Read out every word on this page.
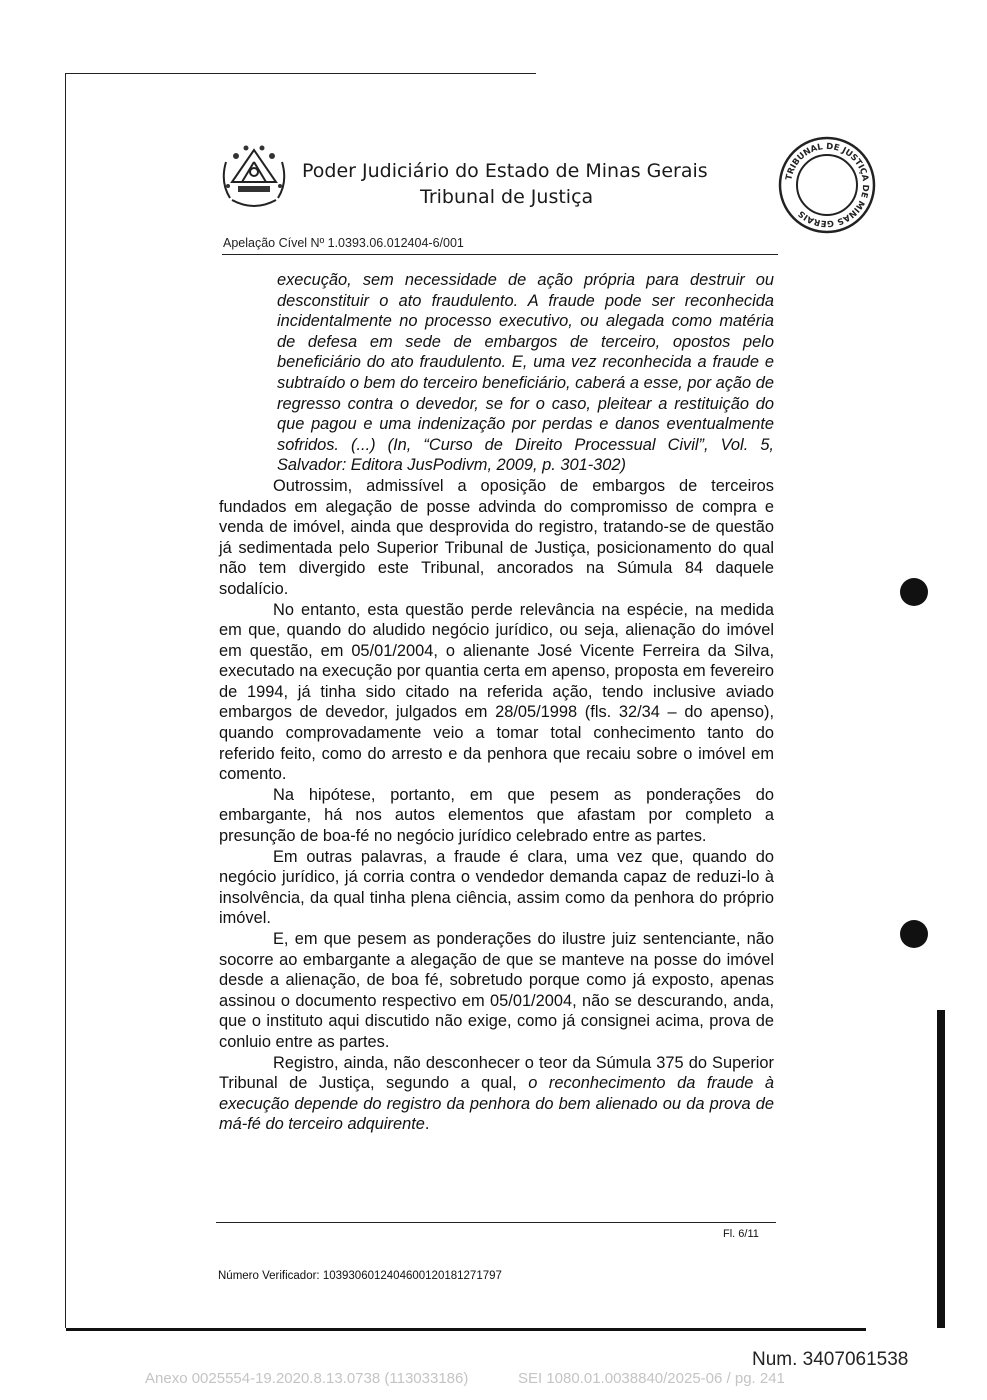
Poder Judiciário do Estado de Minas Gerais
Tribunal de Justiça
TRIBUNAL DE JUSTIÇA DE MINAS GERAIS
Apelação Cível Nº 1.0393.06.012404-6/001

execução, sem necessidade de ação própria para destruir ou desconstituir o ato fraudulento. A fraude pode ser reconhecida incidentalmente no processo executivo, ou alegada como matéria de defesa em sede de embargos de terceiro, opostos pelo beneficiário do ato fraudulento. E, uma vez reconhecida a fraude e subtraído o bem do terceiro beneficiário, caberá a esse, por ação de regresso contra o devedor, se for o caso, pleitear a restituição do que pagou e uma indenização por perdas e danos eventualmente sofridos. (...) (In, “Curso de Direito Processual Civil”, Vol. 5, Salvador: Editora JusPodivm, 2009, p. 301-302)

Outrossim, admissível a oposição de embargos de terceiros fundados em alegação de posse advinda do compromisso de compra e venda de imóvel, ainda que desprovida do registro, tratando-se de questão já sedimentada pelo Superior Tribunal de Justiça, posicionamento do qual não tem divergido este Tribunal, ancorados na Súmula 84 daquele sodalício.

No entanto, esta questão perde relevância na espécie, na medida em que, quando do aludido negócio jurídico, ou seja, alienação do imóvel em questão, em 05/01/2004, o alienante José Vicente Ferreira da Silva, executado na execução por quantia certa em apenso, proposta em fevereiro de 1994, já tinha sido citado na referida ação, tendo inclusive aviado embargos de devedor, julgados em 28/05/1998 (fls. 32/34 – do apenso), quando comprovadamente veio a tomar total conhecimento tanto do referido feito, como do arresto e da penhora que recaiu sobre o imóvel em comento.

Na hipótese, portanto, em que pesem as ponderações do embargante, há nos autos elementos que afastam por completo a presunção de boa-fé no negócio jurídico celebrado entre as partes.

Em outras palavras, a fraude é clara, uma vez que, quando do negócio jurídico, já corria contra o vendedor demanda capaz de reduzi-lo à insolvência, da qual tinha plena ciência, assim como da penhora do próprio imóvel.

E, em que pesem as ponderações do ilustre juiz sentenciante, não socorre ao embargante a alegação de que se manteve na posse do imóvel desde a alienação, de boa fé, sobretudo porque como já exposto, apenas assinou o documento respectivo em 05/01/2004, não se descurando, anda, que o instituto aqui discutido não exige, como já consignei acima, prova de conluio entre as partes.

Registro, ainda, não desconhecer o teor da Súmula 375 do Superior Tribunal de Justiça, segundo a qual, o reconhecimento da fraude à execução depende do registro da penhora do bem alienado ou da prova de má-fé do terceiro adquirente.

Fl. 6/11
Número Verificador: 1039306012404600120181271797
Num. 3407061538
Anexo 0025554-19.2020.8.13.0738 (113033186)	SEI 1080.01.0038840/2025-06 / pg. 241
